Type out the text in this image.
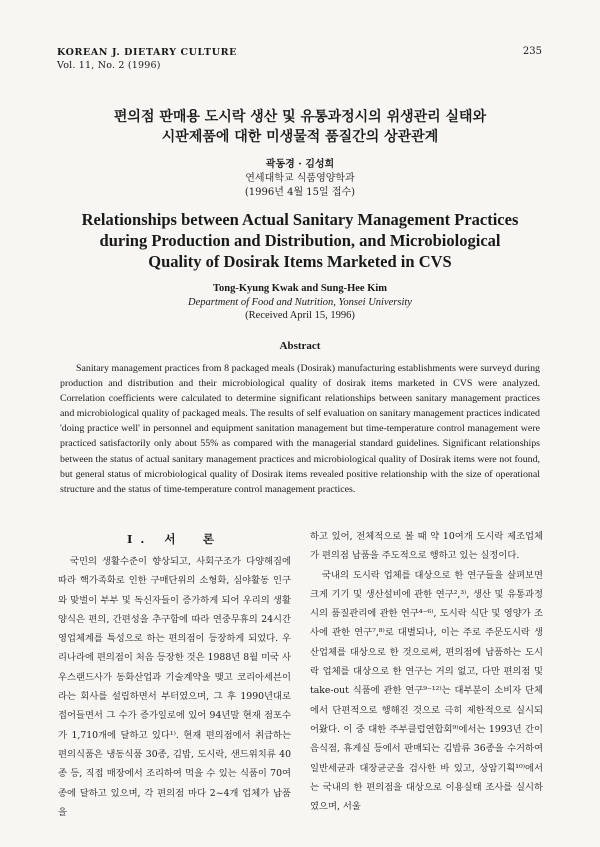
KOREAN J. DIETARY CULTURE
Vol. 11, No. 2 (1996)
235
편의점 판매용 도시락 생산 및 유통과정시의 위생관리 실태와
시판제품에 대한 미생물적 품질간의 상관관계
곽동경 · 김성희
연세대학교 식품영양학과
(1996년 4월 15일 접수)
Relationships between Actual Sanitary Management Practices
during Production and Distribution, and Microbiological
Quality of Dosirak Items Marketed in CVS
Tong-Kyung Kwak and Sung-Hee Kim
Department of Food and Nutrition, Yonsei University
(Received April 15, 1996)
Abstract
Sanitary management practices from 8 packaged meals (Dosirak) manufacturing establishments were surveyd during production and distribution and their microbiological quality of dosirak items marketed in CVS were analyzed. Correlation coefficients were calculated to determine significant relationships between sanitary management practices and microbiological quality of packaged meals. The results of self evaluation on sanitary management practices indicated 'doing practice well' in personnel and equipment sanitation management but time-temperature control management were practiced satisfactorily only about 55% as compared with the managerial standard guidelines. Significant relationships between the status of actual sanitary management practices and microbiological quality of Dosirak items were not found, but general status of microbiological quality of Dosirak items revealed positive relationship with the size of operational structure and the status of time-temperature control management practices.
I. 서　론
국민의 생활수준이 향상되고, 사회구조가 다양해짐에 따라 핵가족화로 인한 구매단위의 소형화, 심야활동 인구와 맞벌이 부부 및 독신자들이 증가하게 되어 우리의 생활양식은 편의, 간편성을 추구함에 따라 연중무휴의 24시간 영업체계를 특성으로 하는 편의점이 등장하게 되었다. 우리나라에 편의점이 처음 등장한 것은 1988년 8월 미국 사우스랜드사가 동화산업과 기술계약을 맺고 코리아세븐이라는 회사를 설립하면서 부터였으며, 그 후 1990년대로 접어들면서 그 수가 증가일로에 있어 94년말 현재 점포수가 1,710개에 달하고 있다¹⁾. 현재 편의점에서 취급하는 편의식품은 냉동식품 30종, 김밥, 도시락, 샌드위치류 40종 등, 직접 매장에서 조리하여 먹을 수 있는 식품이 70여종에 달하고 있으며, 각 편의점 마다 2~4개 업체가 납품을
하고 있어, 전체적으로 볼 때 약 10여개 도시락 제조업체가 편의점 납품을 주도적으로 행하고 있는 실정이다.
국내의 도시락 업체를 대상으로 한 연구들을 살펴보면 크게 기기 및 생산설비에 관한 연구²,³⁾, 생산 및 유통과정시의 품질관리에 관한 연구⁴⁻⁶⁾, 도시락 식단 및 영양가 조사에 관한 연구⁷,⁸⁾로 대별되나, 이는 주로 주문도시락 생산업체를 대상으로 한 것으로써, 편의점에 납품하는 도시락 업체를 대상으로 한 연구는 거의 없고, 다만 편의점 및 take-out 식품에 관한 연구⁹⁻¹²⁾는 대부분이 소비자 단체에서 단편적으로 행해진 것으로 극히 제한적으로 실시되어왔다. 이 중 대한 주부클럽연합회⁹⁾에서는 1993년 간이 음식점, 휴게실 등에서 판매되는 김밥류 36종을 수거하여 일반세균과 대장균군을 검사한 바 있고, 상암기획¹⁰⁾에서는 국내의 한 편의점을 대상으로 이용실태 조사를 실시하였으며, 서울
